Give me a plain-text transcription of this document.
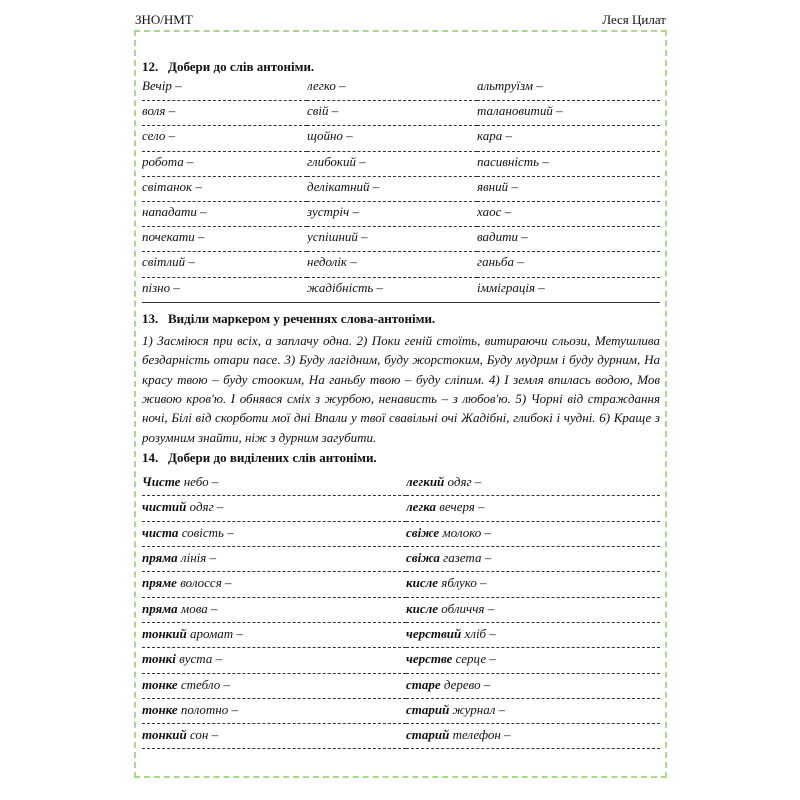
ЗНО/НМТ	Леся Цилат
12. Добери до слів антоніми.
Вечір –	легко –	альтруїзм –
воля –	свій –	талановитий –
село –	щойно –	кара –
робота –	глибокий –	пасивність –
світанок –	делікатний –	явний –
нападати –	зустріч –	хаос –
почекати –	успішний –	вадити –
світлий –	недолік –	ганьба –
пізно –	жадібність –	імміграція –
13. Виділи маркером у реченнях слова-антоніми.
1) Засміюся при всіх, а заплачу одна. 2) Поки геній стоїть, витираючи сльози, Метушлива бездарність отари пасе. 3) Буду лагідним, буду жорстоким, Буду мудрим і буду дурним, На красу твою – буду стооким, На ганьбу твою – буду сліпим. 4) І земля впилась водою, Мов живою кров'ю. І обнявся сміх з журбою, ненависть – з любов'ю. 5) Чорні від страждання ночі, Білі від скорботи мої дні Впали у твої свавільні очі Жадібні, глибокі і чудні. 6) Краще з розумним знайти, ніж з дурним загубити.
14. Добери до виділених слів антоніми.
Чисте небо –	легкий одяг –
чистий одяг –	легка вечеря –
чиста совість –	свіже молоко –
пряма лінія –	свіжа газета –
пряме волосся –	кисле яблуко –
пряма мова –	кисле обличчя –
тонкий аромат –	черствий хліб –
тонкі вуста –	черстве серце –
тонке стебло –	старе дерево –
тонке полотно –	старий журнал –
тонкий сон –	старий телефон –
